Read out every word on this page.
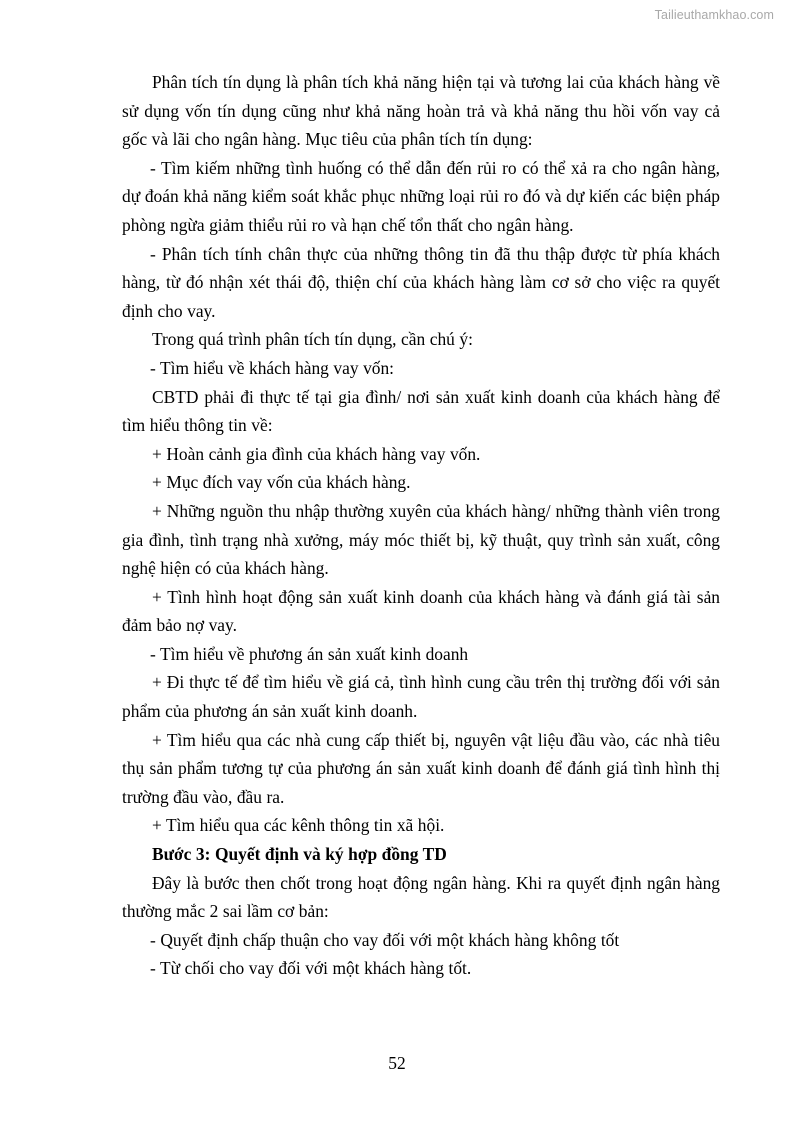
Tailieuthamkhao.com

Phân tích tín dụng là phân tích khả năng hiện tại và tương lai của khách hàng về sử dụng vốn tín dụng cũng như khả năng hoàn trả và khả năng thu hồi vốn vay cả gốc và lãi cho ngân hàng. Mục tiêu của phân tích tín dụng:

- Tìm kiếm những tình huống có thể dẫn đến rủi ro có thể xả ra cho ngân hàng, dự đoán khả năng kiểm soát khắc phục những loại rủi ro đó và dự kiến các biện pháp phòng ngừa giảm thiểu rủi ro và hạn chế tổn thất cho ngân hàng.

- Phân tích tính chân thực của những thông tin đã thu thập được từ phía khách hàng, từ đó nhận xét thái độ, thiện chí của khách hàng làm cơ sở cho việc ra quyết định cho vay.

Trong quá trình phân tích tín dụng, cần chú ý:

- Tìm hiểu về khách hàng vay vốn:

CBTD phải đi thực tế tại gia đình/ nơi sản xuất kinh doanh của khách hàng để tìm hiểu thông tin về:

+ Hoàn cảnh gia đình của khách hàng vay vốn.

+ Mục đích vay vốn của khách hàng.

+ Những nguồn thu nhập thường xuyên của khách hàng/ những thành viên trong gia đình, tình trạng nhà xưởng, máy móc thiết bị, kỹ thuật, quy trình sản xuất, công nghệ hiện có của khách hàng.

+ Tình hình hoạt động sản xuất kinh doanh của khách hàng và đánh giá tài sản đảm bảo nợ vay.

- Tìm hiểu về phương án sản xuất kinh doanh

+ Đi thực tế để tìm hiểu về giá cả, tình hình cung cầu trên thị trường đối với sản phẩm của phương án sản xuất kinh doanh.

+ Tìm hiểu qua các nhà cung cấp thiết bị, nguyên vật liệu đầu vào, các nhà tiêu thụ sản phẩm tương tự của phương án sản xuất kinh doanh để đánh giá tình hình thị trường đầu vào, đầu ra.

+ Tìm hiểu qua các kênh thông tin xã hội.

Bước 3: Quyết định và ký hợp đồng TD

Đây là bước then chốt trong hoạt động ngân hàng. Khi ra quyết định ngân hàng thường mắc 2 sai lầm cơ bản:

- Quyết định chấp thuận cho vay đối với một khách hàng không tốt

- Từ chối cho vay đối với một khách hàng tốt.

52
